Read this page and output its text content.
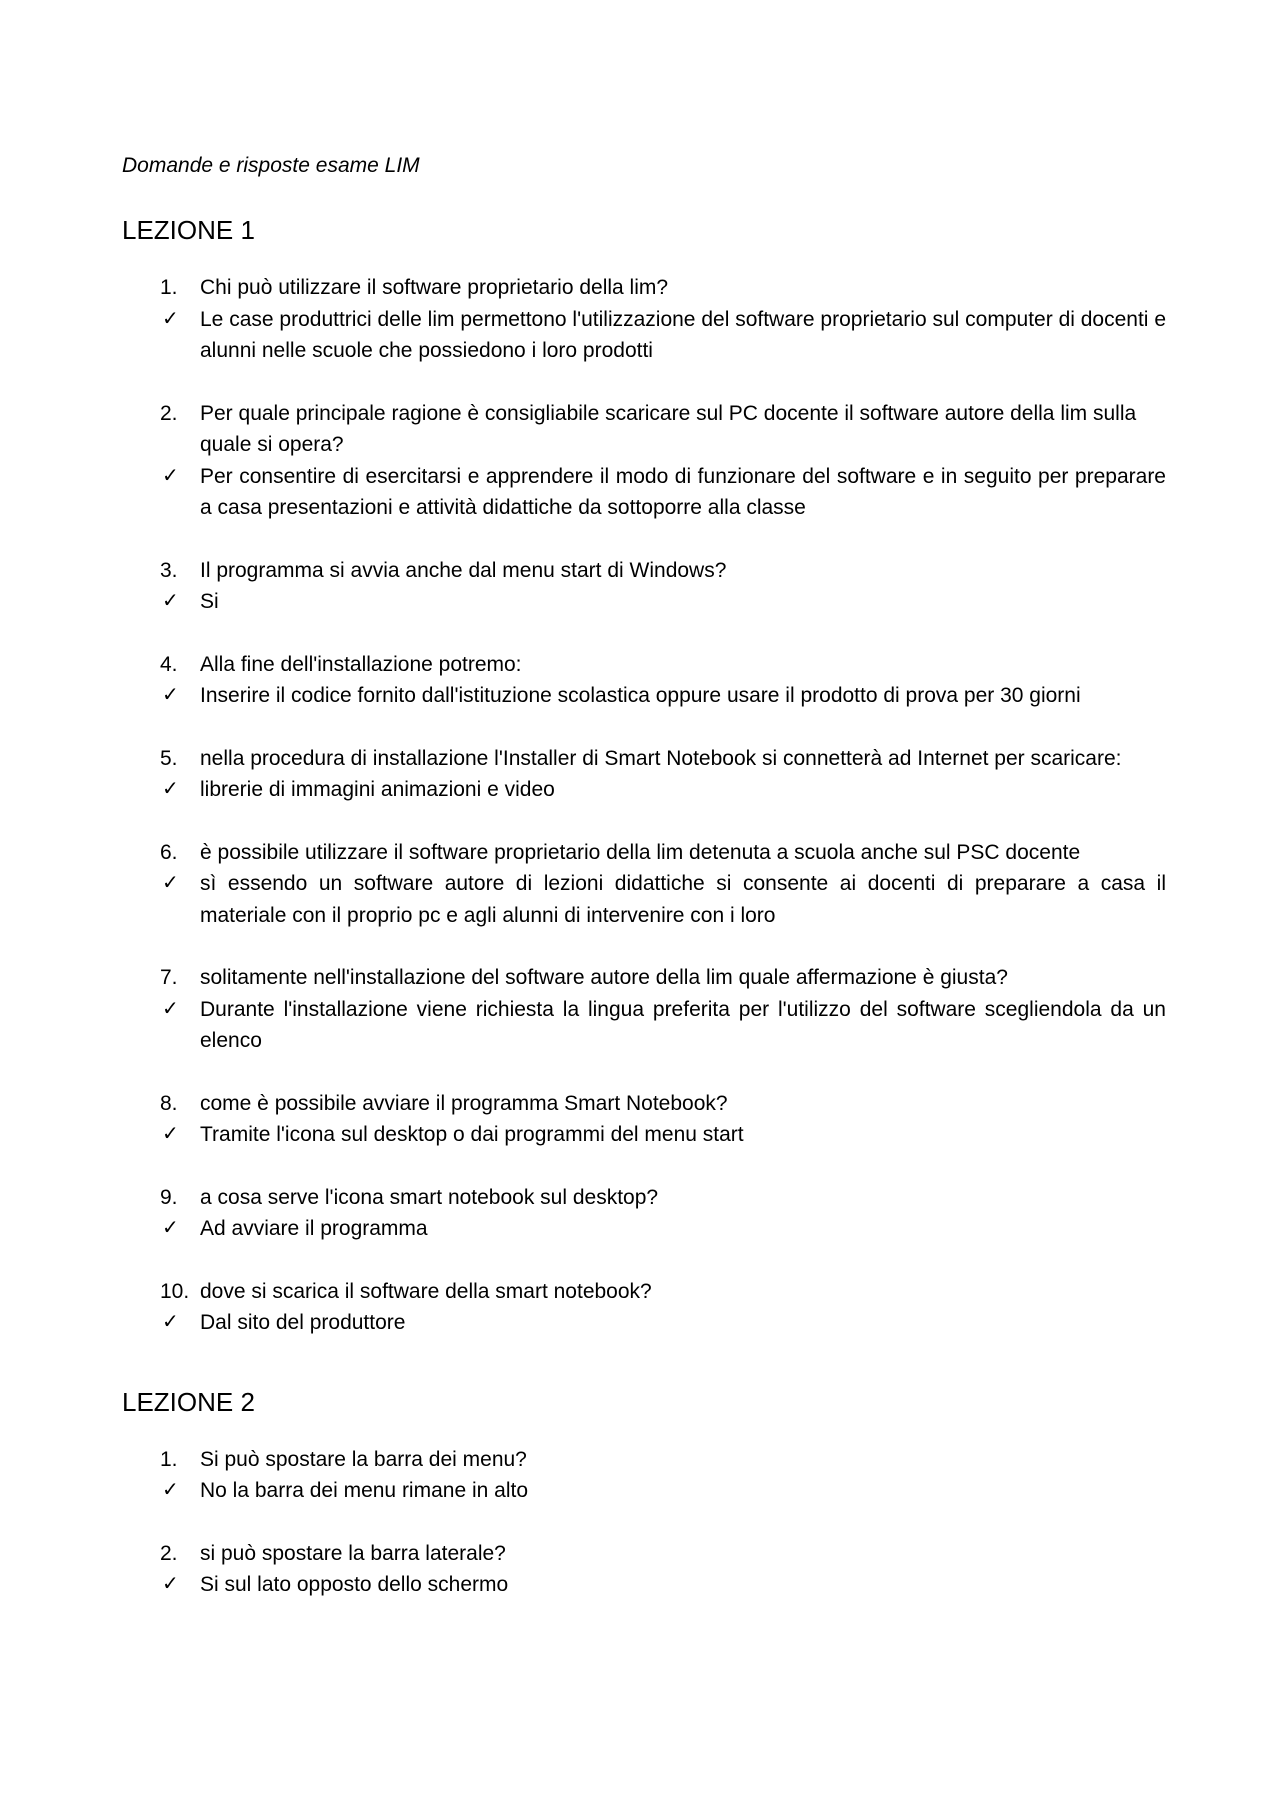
Domande e risposte esame LIM

LEZIONE 1
1.	Chi può utilizzare il software proprietario della lim?
✓	Le case produttrici delle lim permettono l'utilizzazione del software proprietario sul computer di docenti e alunni nelle scuole che possiedono i loro prodotti
2.	Per quale principale ragione è consigliabile scaricare sul PC docente il software autore della lim sulla quale si opera?
✓	Per consentire di esercitarsi e apprendere il modo di funzionare del software e in seguito per preparare a casa presentazioni e attività didattiche da sottoporre alla classe
3.	Il programma si avvia anche dal menu start di Windows?
✓	Si
4.	Alla fine dell'installazione potremo:
✓	Inserire il codice fornito dall'istituzione scolastica oppure usare il prodotto di prova per 30 giorni
5.	nella procedura di installazione l'Installer di Smart Notebook si connetterà ad Internet per scaricare:
✓	librerie di immagini animazioni e video
6.	è possibile utilizzare il software proprietario della lim detenuta a scuola anche sul PSC docente
✓	sì essendo un software autore di lezioni didattiche si consente ai docenti di preparare a casa il materiale con il proprio pc e agli alunni di intervenire con i loro
7.	solitamente nell'installazione del software autore della lim quale affermazione è giusta?
✓	Durante l'installazione viene richiesta la lingua preferita per l'utilizzo del software scegliendola da un elenco
8.	come è possibile avviare il programma Smart Notebook?
✓	Tramite l'icona sul desktop o dai programmi del menu start
9.	a cosa serve l'icona smart notebook sul desktop?
✓	Ad avviare il programma
10. dove si scarica il software della smart notebook?
✓	Dal sito del produttore
LEZIONE 2
1.	Si può spostare la barra dei menu?
✓	No la barra dei menu rimane in alto
2.	si può spostare la barra laterale?
✓	Si sul lato opposto dello schermo
